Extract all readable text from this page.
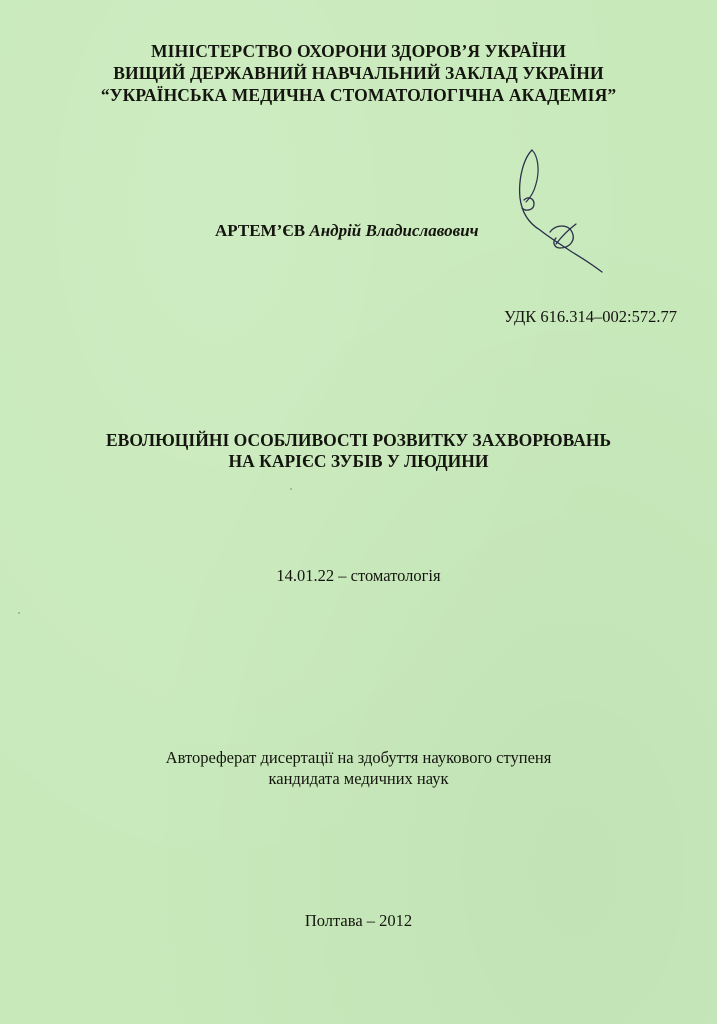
МІНІСТЕРСТВО ОХОРОНИ ЗДОРОВ’Я УКРАЇНИ
ВИЩИЙ ДЕРЖАВНИЙ НАВЧАЛЬНИЙ ЗАКЛАД УКРАЇНИ
“УКРАЇНСЬКА МЕДИЧНА СТОМАТОЛОГІЧНА АКАДЕМІЯ”
АРТЕМ’ЄВ Андрій Владиславович
УДК 616.314–002:572.77
ЕВОЛЮЦІЙНІ ОСОБЛИВОСТІ РОЗВИТКУ ЗАХВОРЮВАНЬ
НА КАРІЄС ЗУБІВ У ЛЮДИНИ
14.01.22 – стоматологія
Автореферат дисертації на здобуття наукового ступеня
кандидата медичних наук
Полтава – 2012
